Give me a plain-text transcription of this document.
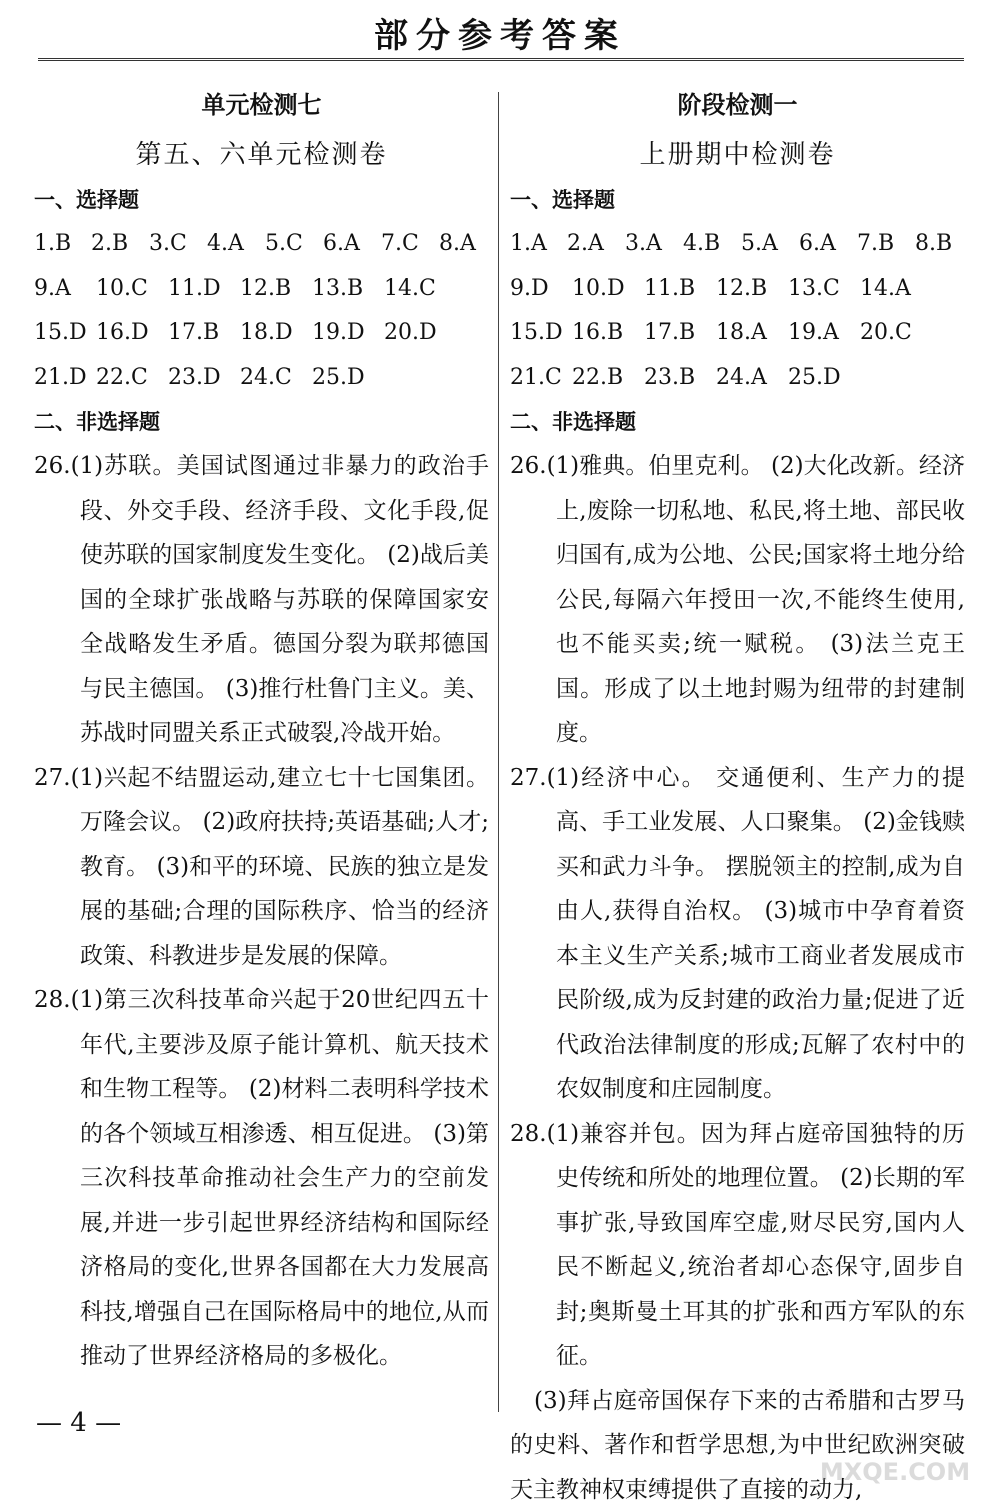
部分参考答案
单元检测七
第五、六单元检测卷
一、选择题
1.B 2.B 3.C 4.A 5.C 6.A 7.C 8.A
9.A	10.C 11.D 12.B 13.B 14.C
15.D 16.D 17.B 18.D 19.D 20.D
21.D 22.C 23.D 24.C 25.D
二、非选择题

26.(1)苏联。美国试图通过非暴力的政治手段、外交手段、经济手段、文化手段,促使苏联的国家制度发生变化。 (2)战后美国的全球扩张战略与苏联的保障国家安全战略发生矛盾。德国分裂为联邦德国与民主德国。 (3)推行杜鲁门主义。美、苏战时同盟关系正式破裂,冷战开始。

27.(1)兴起不结盟运动,建立七十七国集团。万隆会议。 (2)政府扶持;英语基础;人才;教育。 (3)和平的环境、民族的独立是发展的基础;合理的国际秩序、恰当的经济政策、科教进步是发展的保障。

28.(1)第三次科技革命兴起于20世纪四五十年代,主要涉及原子能计算机、航天技术和生物工程等。 (2)材料二表明科学技术的各个领域互相渗透、相互促进。 (3)第三次科技革命推动社会生产力的空前发展,并进一步引起世界经济结构和国际经济格局的变化,世界各国都在大力发展高科技,增强自己在国际格局中的地位,从而推动了世界经济格局的多极化。

阶段检测一
上册期中检测卷
一、选择题
1.A 2.A 3.A 4.B 5.A 6.A 7.B 8.B
9.D	10.D 11.B 12.B 13.C 14.A
15.D 16.B 17.B 18.A 19.A 20.C
21.C 22.B 23.B 24.A 25.D
二、非选择题

26.(1)雅典。伯里克利。 (2)大化改新。经济上,废除一切私地、私民,将土地、部民收归国有,成为公地、公民;国家将土地分给公民,每隔六年授田一次,不能终生使用,也不能买卖;统一赋税。 (3)法兰克王国。形成了以土地封赐为纽带的封建制度。

27.(1)经济中心。 交通便利、生产力的提高、手工业发展、人口聚集。 (2)金钱赎买和武力斗争。 摆脱领主的控制,成为自由人,获得自治权。 (3)城市中孕育着资本主义生产关系;城市工商业者发展成市民阶级,成为反封建的政治力量;促进了近代政治法律制度的形成;瓦解了农村中的农奴制度和庄园制度。

28.(1)兼容并包。因为拜占庭帝国独特的历史传统和所处的地理位置。 (2)长期的军事扩张,导致国库空虚,财尽民穷,国内人民不断起义,统治者却心态保守,固步自封;奥斯曼土耳其的扩张和西方军队的东征。

(3)拜占庭帝国保存下来的古希腊和古罗马的史料、著作和哲学思想,为中世纪欧洲突破天主教神权束缚提供了直接的动力,

— 4 —
MXQE.COM
